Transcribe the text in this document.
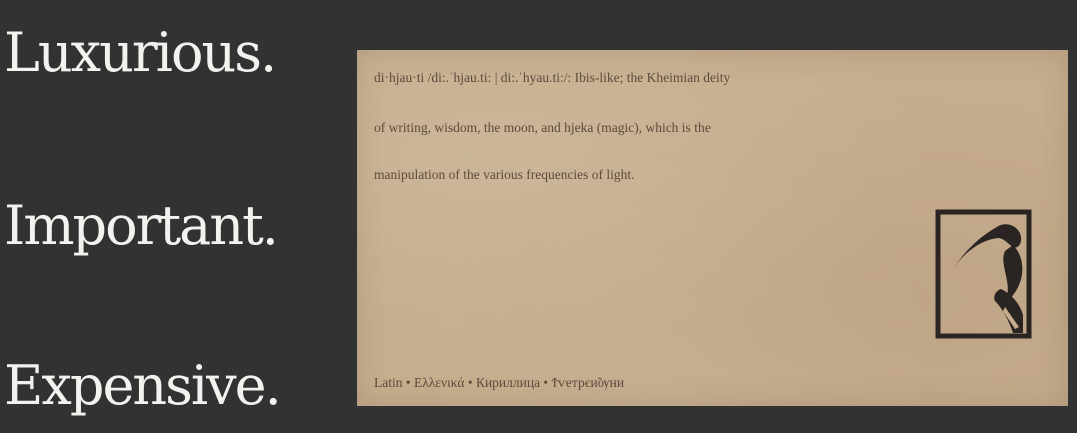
Luxurious.
Important.
Expensive.
di·hjau·ti /di:.ˈhjau.ti: | di:.ˈhyau.ti:/: Ibis-like; the Kheimian deity
of writing, wisdom, the moon, and hjeka (magic), which is the
manipulation of the various frequencies of light.
Latin • Ελλενικά • Кириллица • Ϯѵетрєи̃ѹни
